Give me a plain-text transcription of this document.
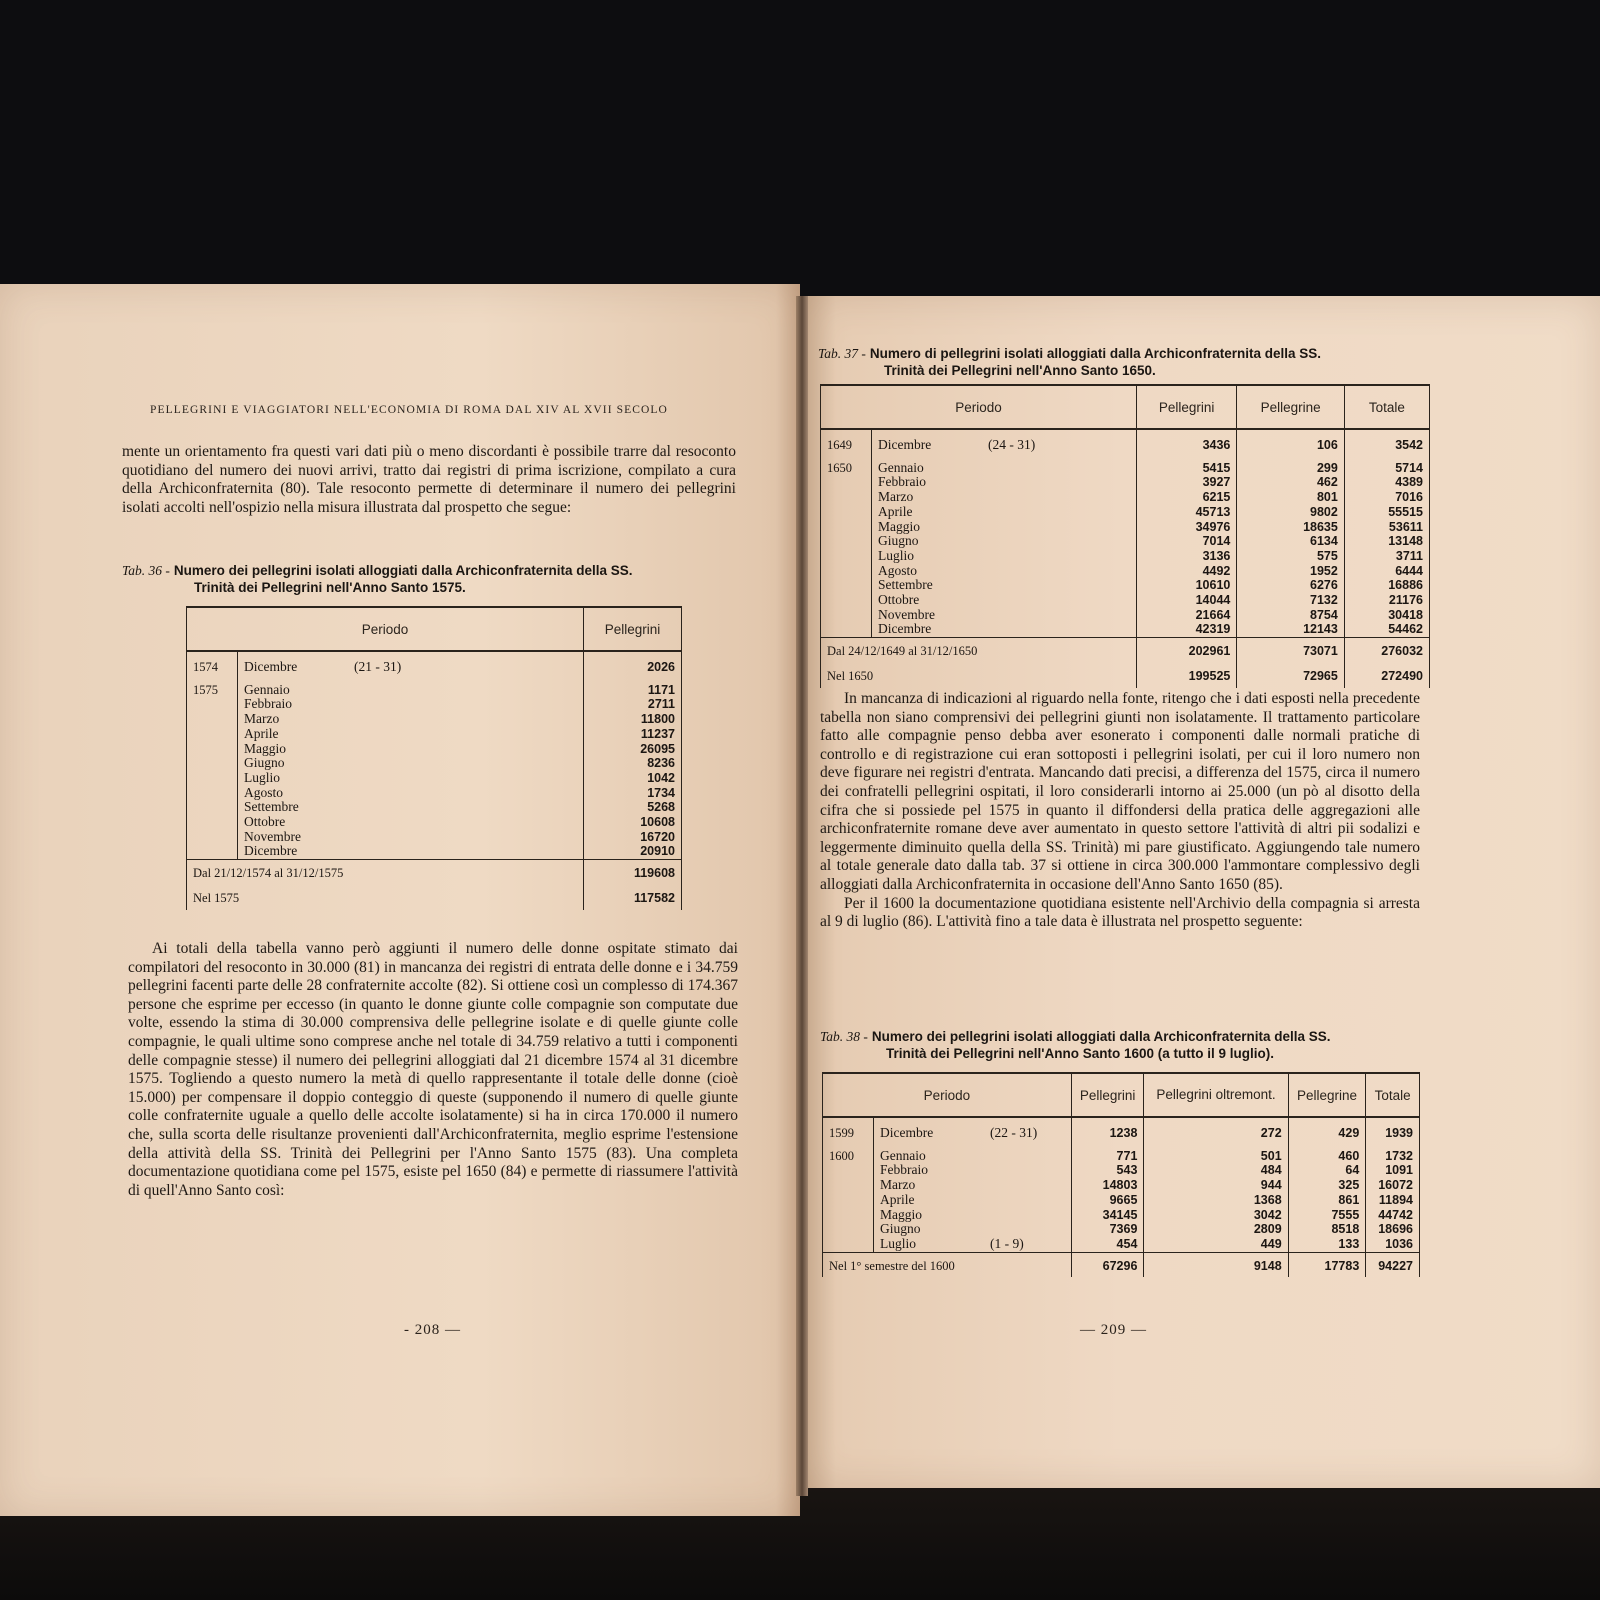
PELLEGRINI E VIAGGIATORI NELL'ECONOMIA DI ROMA DAL XIV AL XVII SECOLO

mente un orientamento fra questi vari dati più o meno discordanti è possibile trarre dal resoconto quotidiano del numero dei nuovi arrivi, tratto dai registri di prima iscrizione, compilato a cura della Archiconfraternita (80). Tale resoconto permette di determinare il numero dei pellegrini isolati accolti nell'ospizio nella misura illustrata dal prospetto che segue:

Tab. 36 - Numero dei pellegrini isolati alloggiati dalla Archiconfraternita della SS.
Trinità dei Pellegrini nell'Anno Santo 1575.
Periodo		Pellegrini

1574	Dicembre (21 - 31)	2026

1575	Gennaio	1171
	Febbraio	2711
	Marzo	11800
	Aprile	11237
	Maggio	26095
	Giugno	8236
	Luglio	1042
	Agosto	1734
	Settembre	5268
	Ottobre	10608
	Novembre	16720
	Dicembre	20910
Dal 21/12/1574 al 31/12/1575		119608
Nel 1575		117582

Ai totali della tabella vanno però aggiunti il numero delle donne ospitate stimato dai compilatori del resoconto in 30.000 (81) in mancanza dei registri di entrata delle donne e i 34.759 pellegrini facenti parte delle 28 confraternite accolte (82). Si ottiene così un complesso di 174.367 persone che esprime per eccesso (in quanto le donne giunte colle compagnie son computate due volte, essendo la stima di 30.000 comprensiva delle pellegrine isolate e di quelle giunte colle compagnie, le quali ultime sono comprese anche nel totale di 34.759 relativo a tutti i componenti delle compagnie stesse) il numero dei pellegrini alloggiati dal 21 dicembre 1574 al 31 dicembre 1575. Togliendo a questo numero la metà di quello rappresentante il totale delle donne (cioè 15.000) per compensare il doppio conteggio di queste (supponendo il numero di quelle giunte colle confraternite uguale a quello delle accolte isolatamente) si ha in circa 170.000 il numero che, sulla scorta delle risultanze provenienti dall'Archiconfraternita, meglio esprime l'estensione della attività della SS. Trinità dei Pellegrini per l'Anno Santo 1575 (83). Una completa documentazione quotidiana come pel 1575, esiste pel 1650 (84) e permette di riassumere l'attività di quell'Anno Santo così:

- 208 —
Tab. 37 - Numero di pellegrini isolati alloggiati dalla Archiconfraternita della SS.
Trinità dei Pellegrini nell'Anno Santo 1650.
Periodo		Pellegrini	Pellegrine	Totale

1649	Dicembre (24 - 31)	3436	106	3542

1650	Gennaio	5415	299	5714
	Febbraio	3927	462	4389
	Marzo	6215	801	7016
	Aprile	45713	9802	55515
	Maggio	34976	18635	53611
	Giugno	7014	6134	13148
	Luglio	3136	575	3711
	Agosto	4492	1952	6444
	Settembre	10610	6276	16886
	Ottobre	14044	7132	21176
	Novembre	21664	8754	30418
	Dicembre	42319	12143	54462
Dal 24/12/1649 al 31/12/1650		202961	73071	276032
Nel 1650		199525	72965	272490

In mancanza di indicazioni al riguardo nella fonte, ritengo che i dati esposti nella precedente tabella non siano comprensivi dei pellegrini giunti non isolatamente. Il trattamento particolare fatto alle compagnie penso debba aver esonerato i componenti dalle normali pratiche di controllo e di registrazione cui eran sottoposti i pellegrini isolati, per cui il loro numero non deve figurare nei registri d'entrata. Mancando dati precisi, a differenza del 1575, circa il numero dei confratelli pellegrini ospitati, il loro considerarli intorno ai 25.000 (un pò al disotto della cifra che si possiede pel 1575 in quanto il diffondersi della pratica delle aggregazioni alle archiconfraternite romane deve aver aumentato in questo settore l'attività di altri pii sodalizi e leggermente diminuito quella della SS. Trinità) mi pare giustificato. Aggiungendo tale numero al totale generale dato dalla tab. 37 si ottiene in circa 300.000 l'ammontare complessivo degli alloggiati dalla Archiconfraternita in occasione dell'Anno Santo 1650 (85).

Per il 1600 la documentazione quotidiana esistente nell'Archivio della compagnia si arresta al 9 di luglio (86). L'attività fino a tale data è illustrata nel prospetto seguente:

Tab. 38 - Numero dei pellegrini isolati alloggiati dalla Archiconfraternita della SS.
Trinità dei Pellegrini nell'Anno Santo 1600 (a tutto il 9 luglio).
Periodo		Pellegrini	Pellegrini oltremont.	Pellegrine	Totale

1599	Dicembre (22 - 31)	1238	272	429	1939

1600	Gennaio	771	501	460	1732
	Febbraio	543	484	64	1091
	Marzo	14803	944	325	16072
	Aprile	9665	1368	861	11894
	Maggio	34145	3042	7555	44742
	Giugno	7369	2809	8518	18696
	Luglio (1 - 9)	454	449	133	1036
Nel 1° semestre del 1600		67296	9148	17783	94227
— 209 —
